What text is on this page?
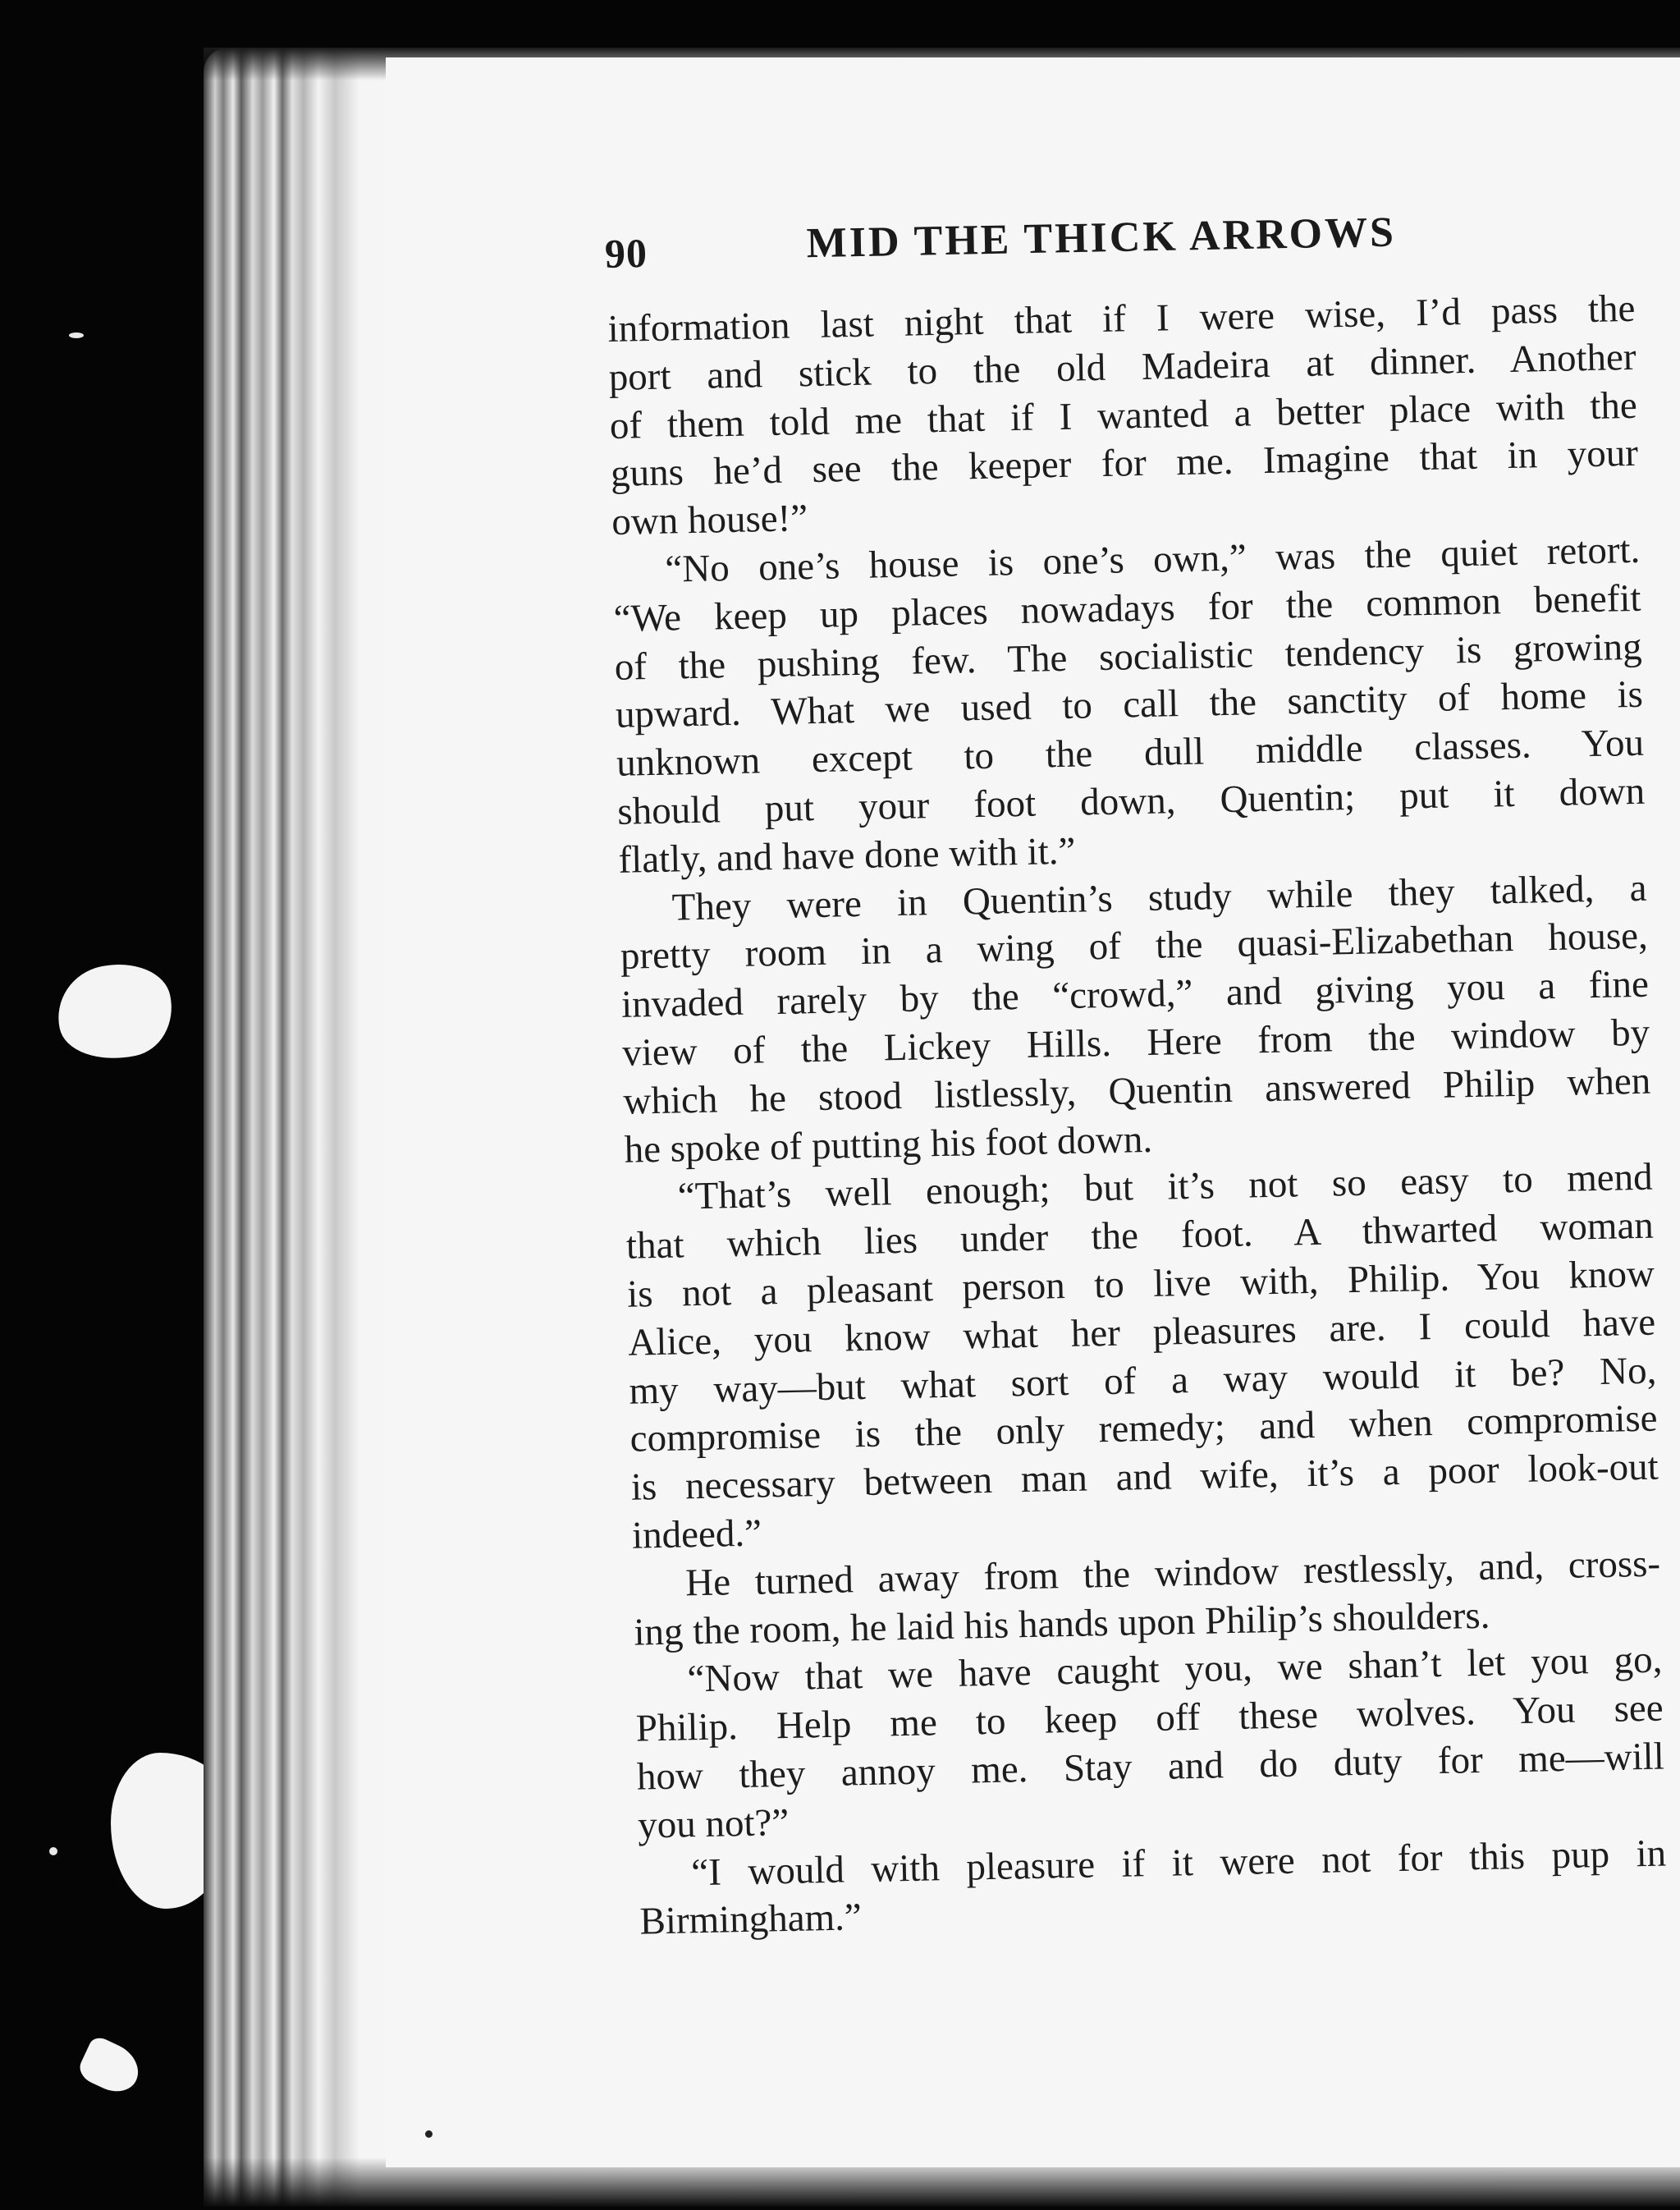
90	MID THE THICK ARROWS
information last night that if I were wise, I’d pass the
port and stick to the old Madeira at dinner. Another
of them told me that if I wanted a better place with the
guns he’d see the keeper for me. Imagine that in your
own house!”
“No one’s house is one’s own,” was the quiet retort.
“We keep up places nowadays for the common benefit
of the pushing few. The socialistic tendency is growing
upward. What we used to call the sanctity of home is
unknown except to the dull middle classes. You
should put your foot down, Quentin; put it down
flatly, and have done with it.”
They were in Quentin’s study while they talked, a
pretty room in a wing of the quasi-Elizabethan house,
invaded rarely by the “crowd,” and giving you a fine
view of the Lickey Hills. Here from the window by
which he stood listlessly, Quentin answered Philip when
he spoke of putting his foot down.
“That’s well enough; but it’s not so easy to mend
that which lies under the foot. A thwarted woman
is not a pleasant person to live with, Philip. You know
Alice, you know what her pleasures are. I could have
my way—but what sort of a way would it be? No,
compromise is the only remedy; and when compromise
is necessary between man and wife, it’s a poor look-out
indeed.”
He turned away from the window restlessly, and, cross-
ing the room, he laid his hands upon Philip’s shoulders.
“Now that we have caught you, we shan’t let you go,
Philip. Help me to keep off these wolves. You see
how they annoy me. Stay and do duty for me—will
you not?”
“I would with pleasure if it were not for this pup in
Birmingham.”
